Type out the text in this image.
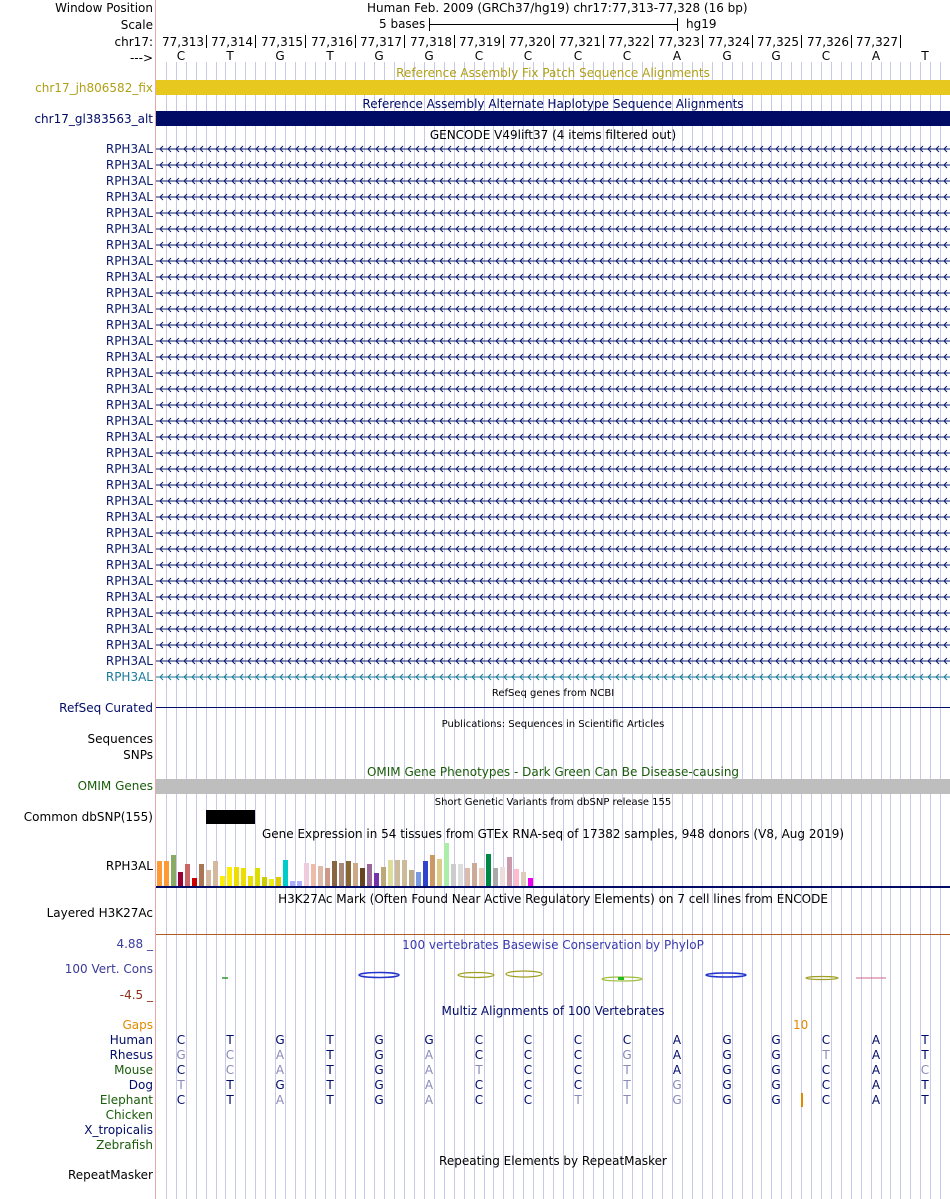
Window Position	Human Feb. 2009 (GRCh37/hg19) chr17:77,313-77,328 (16 bp)
Scale	5 bases	hg19
chr17: 77,313 77,314 77,315 77,316 77,317 77,318 77,319 77,320 77,321 77,322 77,323 77,324 77,325 77,326 77,327
--->	C	T	G	T	G	G	C	C	C	C	A	G	G	C	A	T
Reference Assembly Fix Patch Sequence Alignments
chr17_jh806582_fix
Reference Assembly Alternate Haplotype Sequence Alignments
chr17_gl383563_alt
GENCODE V49lift37 (4 items filtered out)
RPH3AL
RPH3AL
RPH3AL
RPH3AL
RPH3AL
RPH3AL
RPH3AL
RPH3AL
RPH3AL
RPH3AL
RPH3AL
RPH3AL
RPH3AL
RPH3AL
RPH3AL
RPH3AL
RPH3AL
RPH3AL
RPH3AL
RPH3AL
RPH3AL
RPH3AL
RPH3AL
RPH3AL
RPH3AL
RPH3AL
RPH3AL
RPH3AL
RPH3AL
RPH3AL
RPH3AL
RPH3AL
RPH3AL
RPH3AL
RefSeq genes from NCBI
RefSeq Curated
Publications: Sequences in Scientific Articles
Sequences
SNPs
OMIM Gene Phenotypes - Dark Green Can Be Disease-causing
OMIM Genes
Short Genetic Variants from dbSNP release 155
Common dbSNP(155)
Gene Expression in 54 tissues from GTEx RNA-seq of 17382 samples, 948 donors (V8, Aug 2019)
RPH3AL
H3K27Ac Mark (Often Found Near Active Regulatory Elements) on 7 cell lines from ENCODE
Layered H3K27Ac
100 vertebrates Basewise Conservation by PhyloP
4.88 _
100 Vert. Cons
-4.5 _
Multiz Alignments of 100 Vertebrates
Gaps	10
Human	C	T	G	T	G	G	C	C	C	C	A	G	G	C	A	T
Rhesus	G	C	A	T	G	A	C	C	C	G	A	G	G	T	A	T
Mouse	C	C	A	T	G	A	T	C	C	T	A	G	G	C	A	C
Dog	T	T	G	T	G	A	C	C	C	T	G	G	G	C	A	T
Elephant	C	T	A	T	G	A	C	C	T	T	G	G	G	C	A	T
Chicken
X_tropicalis
Zebrafish
Repeating Elements by RepeatMasker
RepeatMasker
